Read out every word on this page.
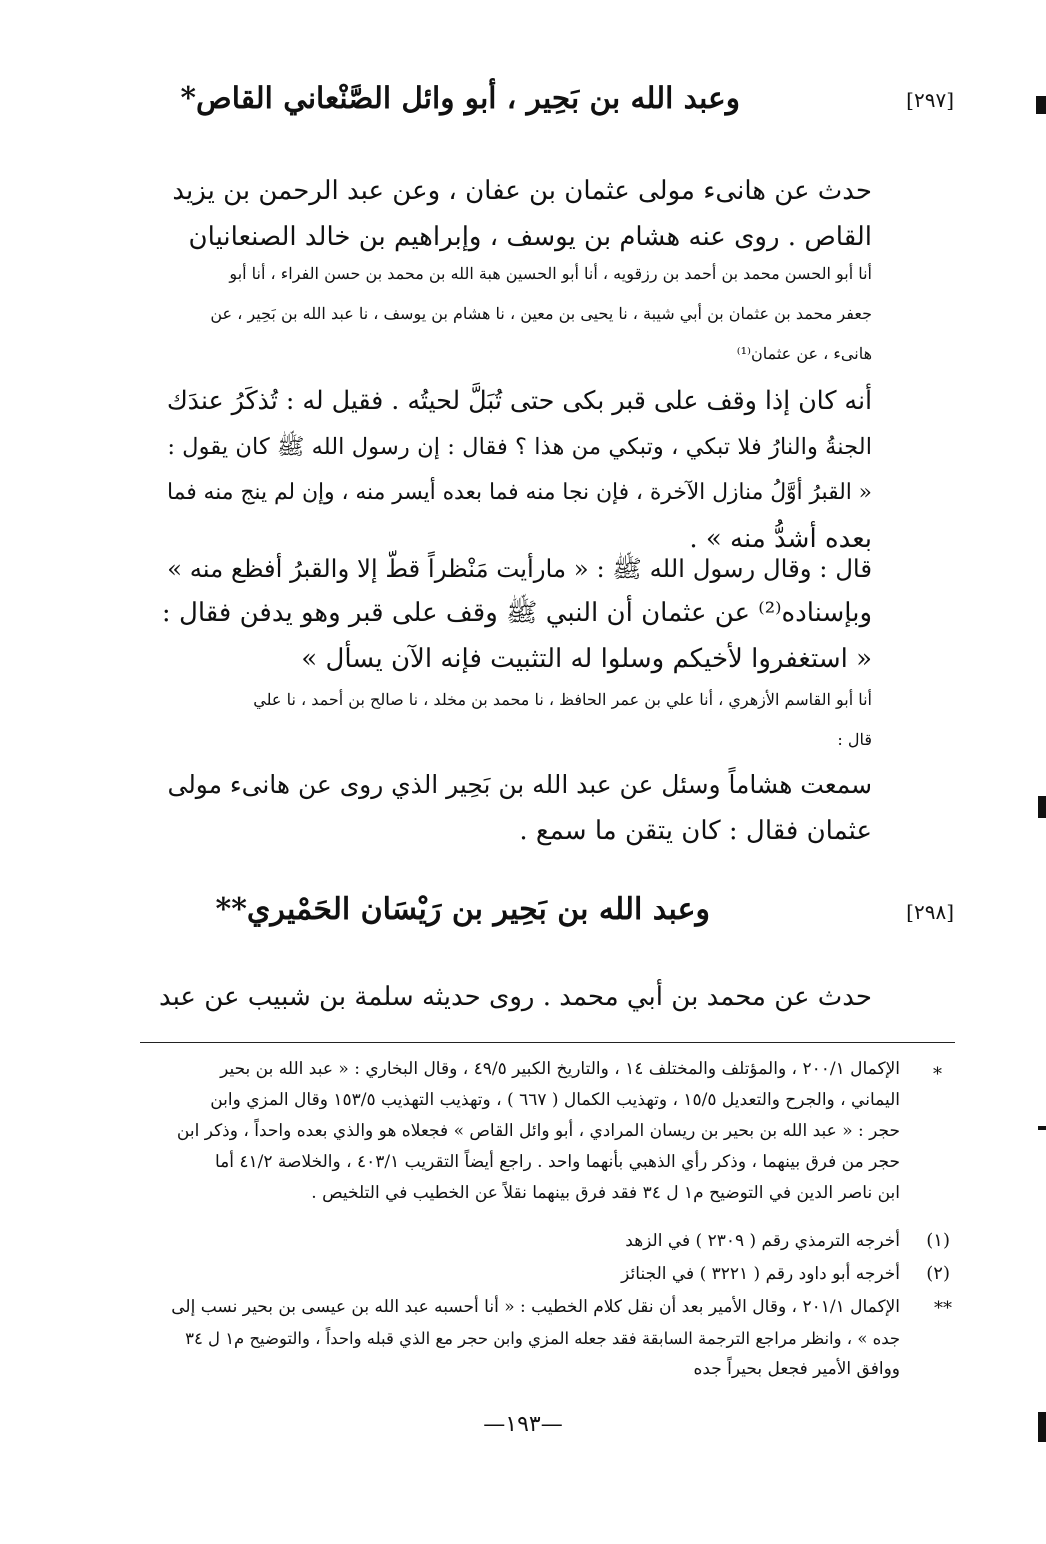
[٢٩٧]
وعبد الله بن بَحِير ، أبو وائل الصَّنْعاني القاص*
حدث عن هانىء مولى عثمان بن عفان ، وعن عبد الرحمن بن يزيد
القاص . روى عنه هشام بن يوسف ، وإبراهيم بن خالد الصنعانيان
أنا أبو الحسن محمد بن أحمد بن رزقويه ، أنا أبو الحسين هبة الله بن محمد بن حسن الفراء ، أنا أبو
جعفر محمد بن عثمان بن أبي شيبة ، نا يحيى بن معين ، نا هشام بن يوسف ، نا عبد الله بن بَحِير ، عن
هانىء ، عن عثمان⁽¹⁾
أنه كان إذا وقف على قبر بكى حتى تُبَلَّ لحيتُه . فقيل له : تُذكَرُ عندَك
الجنةُ والنارُ فلا تبكي ، وتبكي من هذا ؟ فقال : إن رسول الله ﷺ كان يقول :
« القبرُ أوَّلُ منازل الآخرة ، فإن نجا منه فما بعده أيسر منه ، وإن لم ينج منه فما
بعده أشدُّ منه » .
قال : وقال رسول الله ﷺ : « مارأيت مَنْظراً قطّ إلا والقبرُ أفظع منه »
وبإسناده⁽²⁾ عن عثمان أن النبي ﷺ وقف على قبر وهو يدفن فقال :
« استغفروا لأخيكم وسلوا له التثبيت فإنه الآن يسأل »
أنا أبو القاسم الأزهري ، أنا علي بن عمر الحافظ ، نا محمد بن مخلد ، نا صالح بن أحمد ، نا علي
قال :
سمعت هشاماً وسئل عن عبد الله بن بَحِير الذي روى عن هانىء مولى
عثمان فقال : كان يتقن ما سمع .
[٢٩٨]
وعبد الله بن بَحِير بن رَيْسَان الحَمْيري**
حدث عن محمد بن أبي محمد . روى حديثه سلمة بن شبيب عن عبد
*
الإكمال ٢٠٠/١ ، والمؤتلف والمختلف ١٤ ، والتاريخ الكبير ٤٩/٥ ، وقال البخاري : « عبد الله بن بحير
اليماني ، والجرح والتعديل ١٥/٥ ، وتهذيب الكمال ( ٦٦٧ ) ، وتهذيب التهذيب ١٥٣/٥ وقال المزي وابن
حجر : « عبد الله بن بحير بن ريسان المرادي ، أبو وائل القاص » فجعلاه هو والذي بعده واحداً ، وذكر ابن
حجر من فرق بينهما ، وذكر رأي الذهبي بأنهما واحد . راجع أيضاً التقريب ٤٠٣/١ ، والخلاصة ٤١/٢ أما
ابن ناصر الدين في التوضيح م١ ل ٣٤ فقد فرق بينهما نقلاً عن الخطيب في التلخيص .
(١)
أخرجه الترمذي رقم ( ٢٣٠٩ ) في الزهد
(٢)
أخرجه أبو داود رقم ( ٣٢٢١ ) في الجنائز
**
الإكمال ٢٠١/١ ، وقال الأمير بعد أن نقل كلام الخطيب : « أنا أحسبه عبد الله بن عيسى بن بحير نسب إلى
جده » ، وانظر مراجع الترجمة السابقة فقد جعله المزي وابن حجر مع الذي قبله واحداً ، والتوضيح م١ ل ٣٤
ووافق الأمير فجعل بحيراً جده
—١٩٣—
